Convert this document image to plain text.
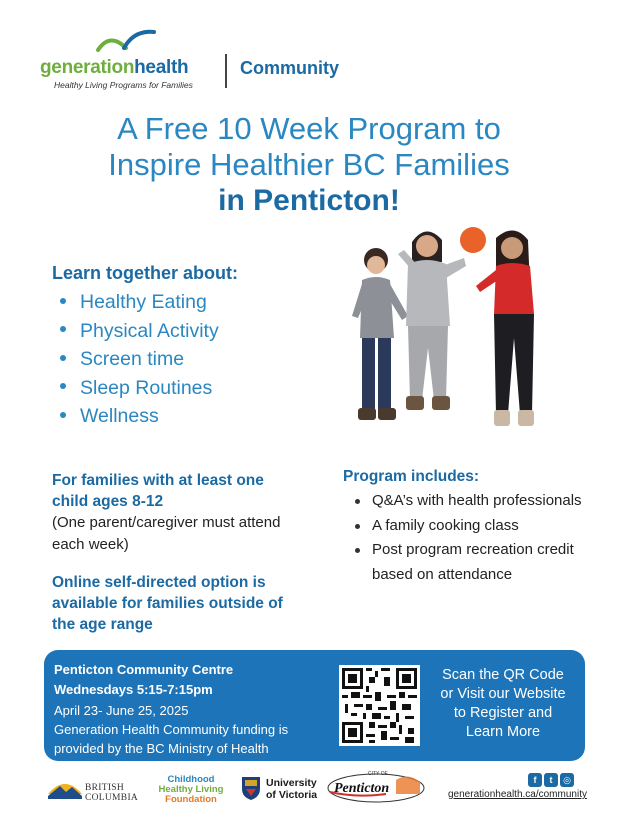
generationhealth
Healthy Living Programs for Families
Community
A Free 10 Week Program to
Inspire Healthier BC Families
in Penticton!
Learn together about:
Healthy Eating
Physical Activity
Screen time
Sleep Routines
Wellness
For families with at least one child ages 8-12
(One parent/caregiver must attend each week)
Online self-directed option is available for families outside of the age range
Program includes:
Q&A’s with health professionals
A family cooking class
Post program recreation credit based on attendance
Penticton Community Centre
Wednesdays 5:15-7:15pm
April 23- June 25, 2025
Generation Health Community funding is
provided by the BC Ministry of Health
Scan the QR Code
or Visit our Website
to Register and
Learn More
BRITISH
COLUMBIA
Childhood
Healthy Living
Foundation
University
of Victoria
CITY OF
Penticton
f t ◎
generationhealth.ca/community
